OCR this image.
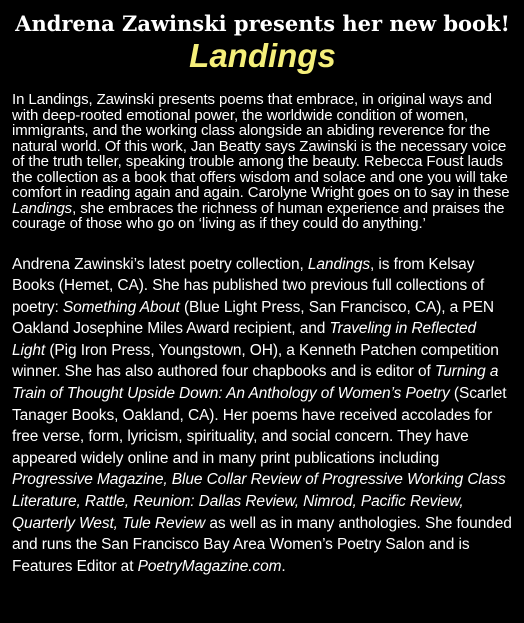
Andrena Zawinski presents her new book!
Landings

In Landings, Zawinski presents poems that embrace, in original ways and with deep-rooted emotional power, the worldwide condition of women, immigrants, and the working class alongside an abiding reverence for the natural world. Of this work, Jan Beatty says Zawinski is the necessary voice of the truth teller, speaking trouble among the beauty. Rebecca Foust lauds the collection as a book that offers wisdom and solace and one you will take comfort in reading again and again. Carolyne Wright goes on to say in these Landings, she embraces the richness of human experience and praises the courage of those who go on ‘living as if they could do anything.’

Andrena Zawinski’s latest poetry collection, Landings, is from Kelsay Books (Hemet, CA). She has published two previous full collections of poetry: Something About (Blue Light Press, San Francisco, CA), a PEN Oakland Josephine Miles Award recipient, and Traveling in Reflected Light (Pig Iron Press, Youngstown, OH), a Kenneth Patchen competition winner. She has also authored four chapbooks and is editor of Turning a Train of Thought Upside Down: An Anthology of Women’s Poetry (Scarlet Tanager Books, Oakland, CA). Her poems have received accolades for free verse, form, lyricism, spirituality, and social concern. They have appeared widely online and in many print publications including Progressive Magazine, Blue Collar Review of Progressive Working Class Literature, Rattle, Reunion: Dallas Review, Nimrod, Pacific Review, Quarterly West, Tule Review as well as in many anthologies. She founded and runs the San Francisco Bay Area Women’s Poetry Salon and is Features Editor at PoetryMagazine.com.
